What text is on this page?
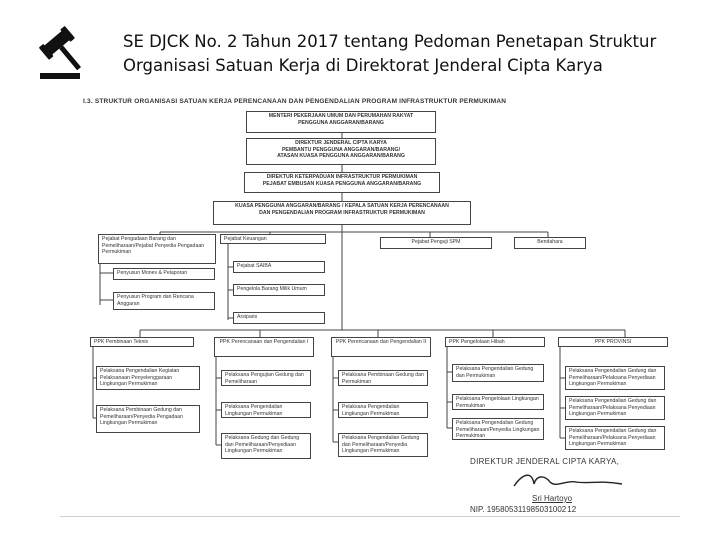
SE DJCK No. 2 Tahun 2017 tentang Pedoman Penetapan Struktur
Organisasi Satuan Kerja di Direktorat Jenderal Cipta Karya
I.3. STRUKTUR ORGANISASI SATUAN KERJA PERENCANAAN DAN PENGENDALIAN PROGRAM INFRASTRUKTUR PERMUKIMAN
MENTERI PEKERJAAN UMUM DAN PERUMAHAN RAKYAT
PENGGUNA ANGGARAN/BARANG
DIREKTUR JENDERAL CIPTA KARYA
PEMBANTU PENGGUNA ANGGARAN/BARANG/
ATASAN KUASA PENGGUNA ANGGARAN/BARANG
DIREKTUR KETERPADUAN INFRASTRUKTUR PERMUKIMAN
PEJABAT EMBUSAN KUASA PENGGUNA ANGGARAN/BARANG
KUASA PENGGUNA ANGGARAN/BARANG / KEPALA SATUAN KERJA PERENCANAAN
DAN PENGENDALIAN PROGRAM INFRASTRUKTUR PERMUKIMAN
Pejabat Pengadaan Barang dan Pemeliharaan/Pejabat Penyedia Pengadaan Permukiman
Penyusun Monev & Pelaporan
Penyusun Program dan Rencana Anggaran
Pejabat Keuangan
Pejabat SAIBA
Pengelola Barang Milik Umum
Arsiparis
Pejabat Penguji SPM	Bendahara
PPK Pembinaan Teknis	PPK Perencanaan dan Pengendalian I	PPK Perencanaan dan Pengendalian II	PPK Pengelolaan Hibah	PPK PROVINSI
Pelaksana Pengendalian Kegiatan Pelaksanaan Penyelenggaraan Lingkungan Permukiman
Pelaksana Pembinaan Gedung dan Pemeliharaan/Penyedia Pengadaan Lingkungan Permukiman
Pelaksana Pengujian Gedung dan Pemeliharaan
Pelaksana Pengendalian Lingkungan Permukiman
Pelaksana Gedung dan Gedung dan Pemeliharaan/Penyediaan Lingkungan Permukiman
Pelaksana Pembinaan Gedung dan Permukiman
Pelaksana Pengendalian Lingkungan Permukiman
Pelaksana Pengendalian Gedung dan Pemeliharaan/Penyedia Lingkungan Permukiman
Pelaksana Pengendalian Gedung dan Permukiman
Pelaksana Pengelolaan Lingkungan Permukiman
Pelaksana Pengendalian Gedung Pemeliharaan/Penyedia Lingkungan Permukiman
Pelaksana Pengendalian Gedung dan Pemeliharaan/Pelaksana Penyediaan Lingkungan Permukiman
Pelaksana Pengendalian Gedung dan Pemeliharaan/Pelaksana Penyediaan Lingkungan Permukiman
Pelaksana Pengendalian Gedung dan Pemeliharaan/Pelaksana Penyediaan Lingkungan Permukiman
DIREKTUR JENDERAL CIPTA KARYA,
Sri Hartoyo
NIP. 19580531198503100212
